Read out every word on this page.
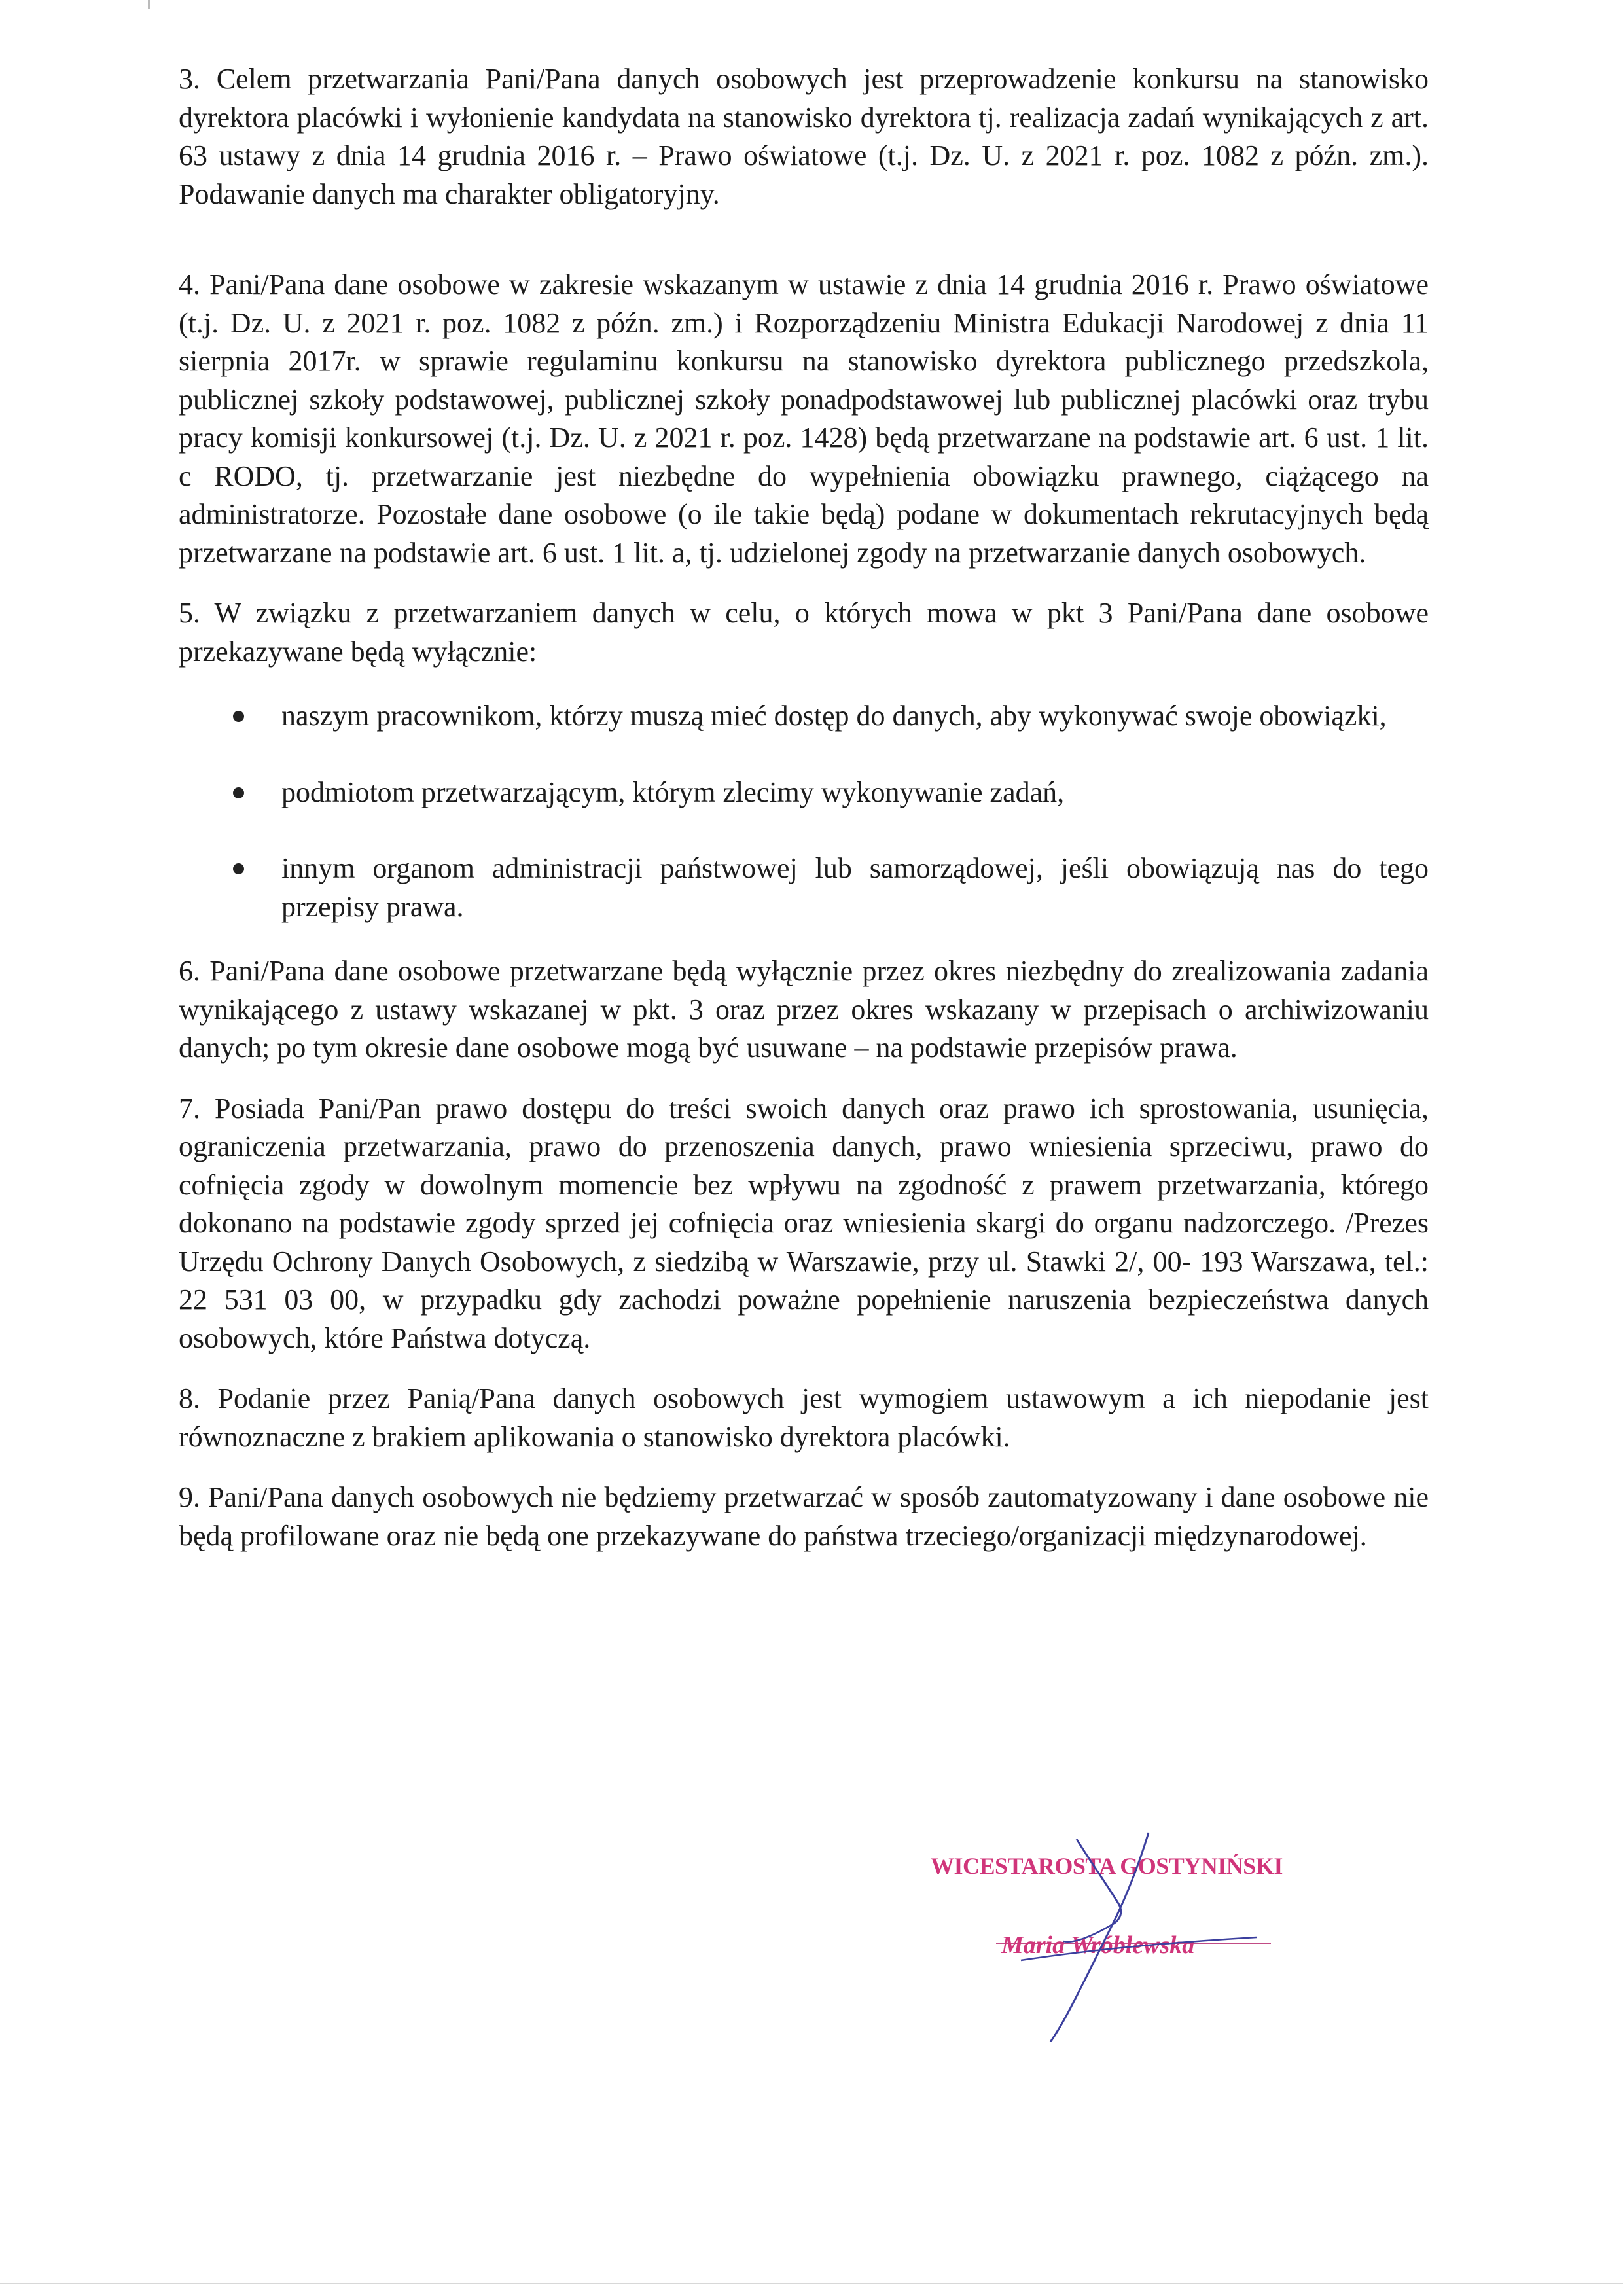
3. Celem przetwarzania Pani/Pana danych osobowych jest przeprowadzenie konkursu na stanowisko dyrektora placówki i wyłonienie kandydata na stanowisko dyrektora tj. realizacja zadań wynikających z art. 63 ustawy z dnia 14 grudnia 2016 r. – Prawo oświatowe (t.j. Dz. U. z 2021 r. poz. 1082 z późn. zm.). Podawanie danych ma charakter obligatoryjny.

4. Pani/Pana dane osobowe w zakresie wskazanym w ustawie z dnia 14 grudnia 2016 r. Prawo oświatowe (t.j. Dz. U. z 2021 r. poz. 1082 z późn. zm.) i Rozporządzeniu Ministra Edukacji Narodowej z dnia 11 sierpnia 2017r. w sprawie regulaminu konkursu na stanowisko dyrektora publicznego przedszkola, publicznej szkoły podstawowej, publicznej szkoły ponadpodstawowej lub publicznej placówki oraz trybu pracy komisji konkursowej (t.j. Dz. U. z 2021 r. poz. 1428) będą przetwarzane na podstawie art. 6 ust. 1 lit. c RODO, tj. przetwarzanie jest niezbędne do wypełnienia obowiązku prawnego, ciążącego na administratorze. Pozostałe dane osobowe (o ile takie będą) podane w dokumentach rekrutacyjnych będą przetwarzane na podstawie art. 6 ust. 1 lit. a, tj. udzielonej zgody na przetwarzanie danych osobowych.

5. W związku z przetwarzaniem danych w celu, o których mowa w pkt 3 Pani/Pana dane osobowe przekazywane będą wyłącznie:

naszym pracownikom, którzy muszą mieć dostęp do danych, aby wykonywać swoje obowiązki,
podmiotom przetwarzającym, którym zlecimy wykonywanie zadań,
innym organom administracji państwowej lub samorządowej, jeśli obowiązują nas do tego przepisy prawa.

6. Pani/Pana dane osobowe przetwarzane będą wyłącznie przez okres niezbędny do zrealizowania zadania wynikającego z ustawy wskazanej w pkt. 3 oraz przez okres wskazany w przepisach o archiwizowaniu danych; po tym okresie dane osobowe mogą być usuwane – na podstawie przepisów prawa.

7. Posiada Pani/Pan prawo dostępu do treści swoich danych oraz prawo ich sprostowania, usunięcia, ograniczenia przetwarzania, prawo do przenoszenia danych, prawo wniesienia sprzeciwu, prawo do cofnięcia zgody w dowolnym momencie bez wpływu na zgodność z prawem przetwarzania, którego dokonano na podstawie zgody sprzed jej cofnięcia oraz wniesienia skargi do organu nadzorczego. /Prezes Urzędu Ochrony Danych Osobowych, z siedzibą w Warszawie, przy ul. Stawki 2/, 00- 193 Warszawa, tel.: 22 531 03 00, w przypadku gdy zachodzi poważne popełnienie naruszenia bezpieczeństwa danych osobowych, które Państwa dotyczą.

8. Podanie przez Panią/Pana danych osobowych jest wymogiem ustawowym a ich niepodanie jest równoznaczne z brakiem aplikowania o stanowisko dyrektora placówki.

9. Pani/Pana danych osobowych nie będziemy przetwarzać w sposób zautomatyzowany i dane osobowe nie będą profilowane oraz nie będą one przekazywane do państwa trzeciego/organizacji międzynarodowej.

WICESTAROSTA GOSTYNIŃSKI
Maria Wróblewska
